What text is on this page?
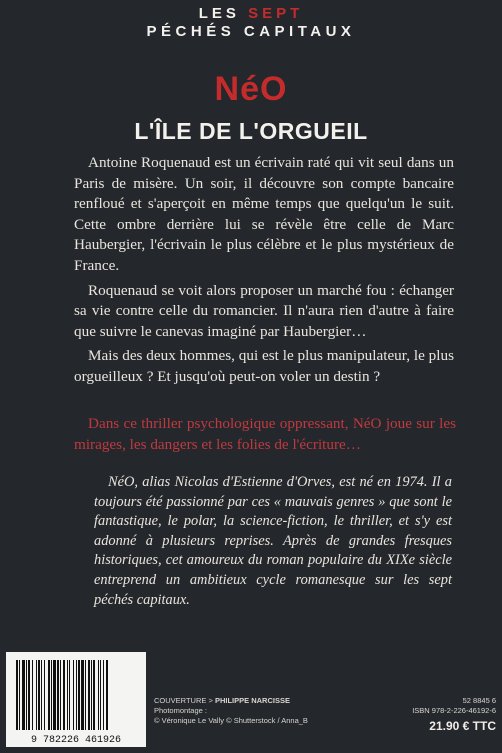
LES SEPT
PÉCHÉS CAPITAUX
NéO
L'ÎLE DE L'ORGUEIL

Antoine Roquenaud est un écrivain raté qui vit seul dans un Paris de misère. Un soir, il découvre son compte bancaire renfloué et s'aperçoit en même temps que quelqu'un le suit. Cette ombre derrière lui se révèle être celle de Marc Haubergier, l'écrivain le plus célèbre et le plus mystérieux de France.

Roquenaud se voit alors proposer un marché fou : échanger sa vie contre celle du romancier. Il n'aura rien d'autre à faire que suivre le canevas imaginé par Haubergier…

Mais des deux hommes, qui est le plus manipulateur, le plus orgueilleux ? Et jusqu'où peut-on voler un destin ?

Dans ce thriller psychologique oppressant, NéO joue sur les mirages, les dangers et les folies de l'écriture…

NéO, alias Nicolas d'Estienne d'Orves, est né en 1974. Il a toujours été passionné par ces « mauvais genres » que sont le fantastique, le polar, la science-fiction, le thriller, et s'y est adonné à plusieurs reprises. Après de grandes fresques historiques, cet amoureux du roman populaire du XIXe siècle entreprend un ambitieux cycle romanesque sur les sept péchés capitaux.

9 782226 461926
COUVERTURE > PHILIPPE NARCISSE
Photomontage :
© Véronique Le Vally © Shutterstock / Anna_B
52 8845 6
ISBN 978-2-226-46192-6
21.90 € TTC
